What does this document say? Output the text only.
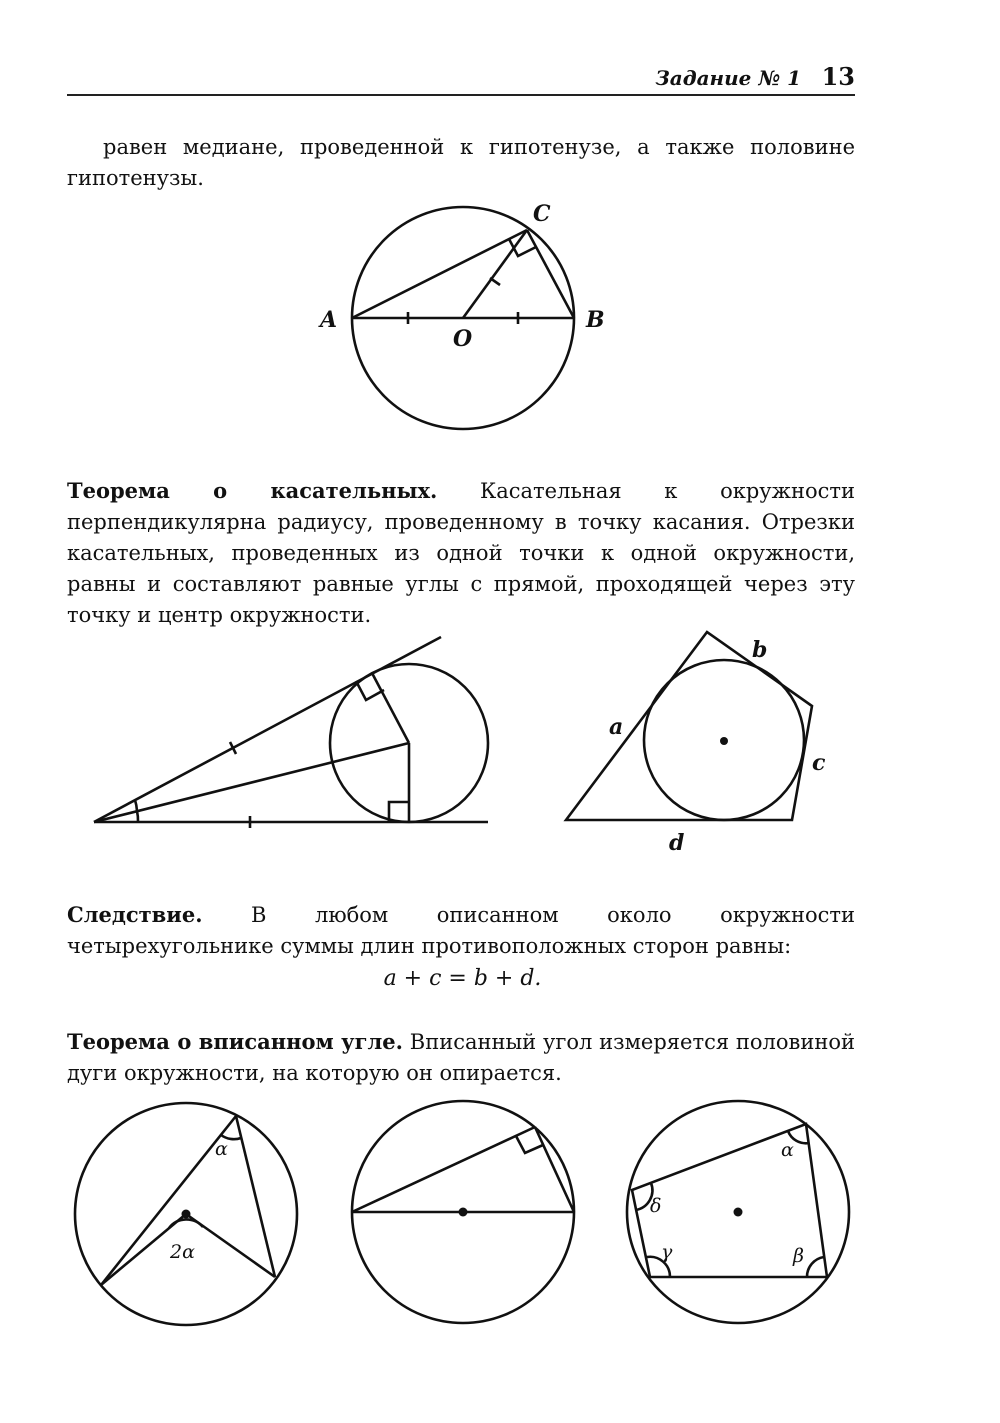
Задание № 1 13
равен медиане, проведенной к гипотенузе, а также половине гипотенузы.
Теорема о касательных. Касательная к окружности перпендикулярна радиусу, проведенному в точку касания. Отрезки касательных, проведенных из одной точки к одной окружности, равны и составляют равные углы с прямой, проходящей через эту точку и центр окружности.
Следствие. В любом описанном около окружности четырехугольнике суммы длин противоположных сторон равны:
a + c = b + d.
Теорема о вписанном угле. Вписанный угол измеряется половиной дуги окружности, на которую он опирается.
A	B
C
O
a
b
c
d
α
2α
α
β
γ
δ
